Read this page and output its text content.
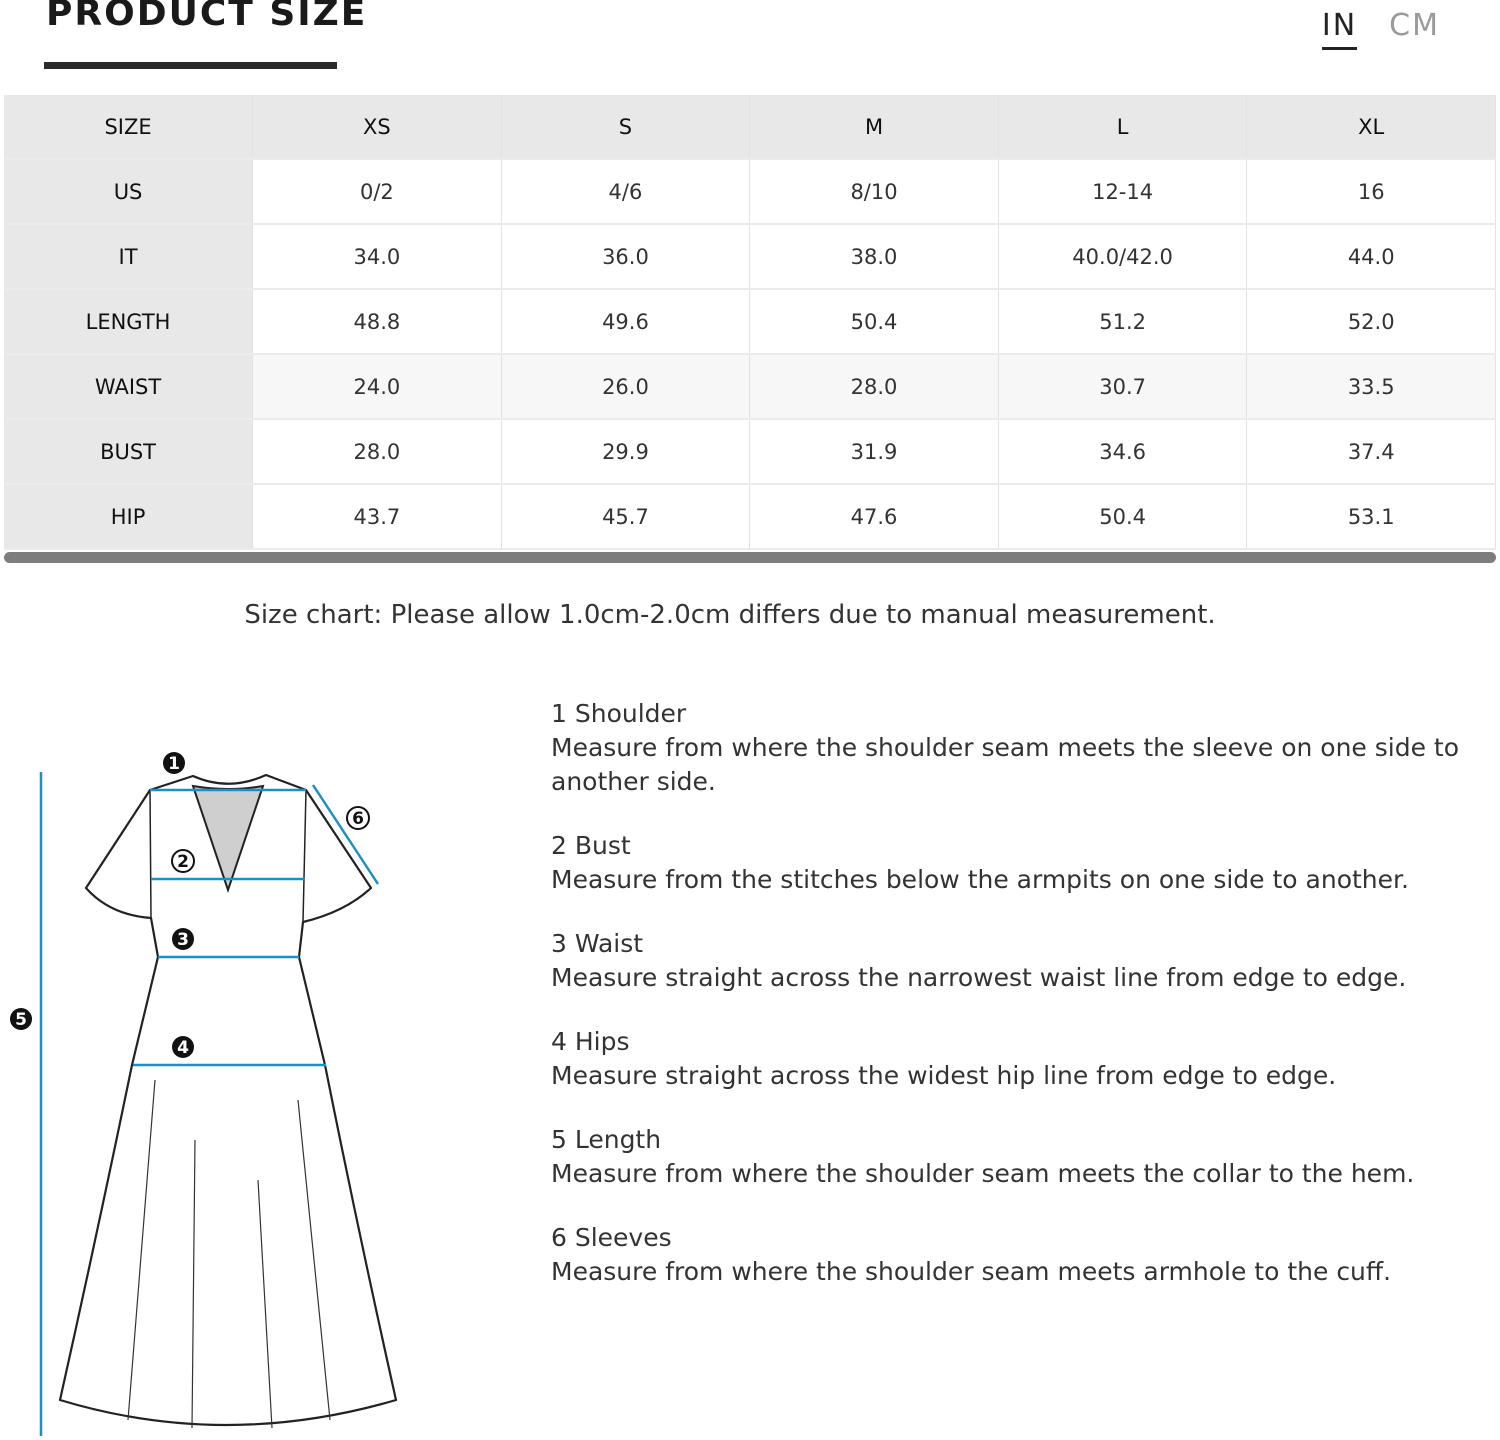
PRODUCT SIZE	IN CM
SIZE	XS	S	M	L	XL
US	0/2	4/6	8/10	12-14	16
IT	34.0	36.0	38.0	40.0/42.0	44.0
LENGTH	48.8	49.6	50.4	51.2	52.0
WAIST	24.0	26.0	28.0	30.7	33.5
BUST	28.0	29.9	31.9	34.6	37.4
HIP	43.7	45.7	47.6	50.4	53.1

Size chart: Please allow 1.0cm-2.0cm differs due to manual measurement.

1 Shoulder
Measure from where the shoulder seam meets the sleeve on one side to another side.
2 Bust
Measure from the stitches below the armpits on one side to another.
3 Waist
Measure straight across the narrowest waist line from edge to edge.
4 Hips
Measure straight across the widest hip line from edge to edge.
5 Length
Measure from where the shoulder seam meets the collar to the hem.
6 Sleeves
Measure from where the shoulder seam meets armhole to the cuff.
1
2
3
4
5
6
